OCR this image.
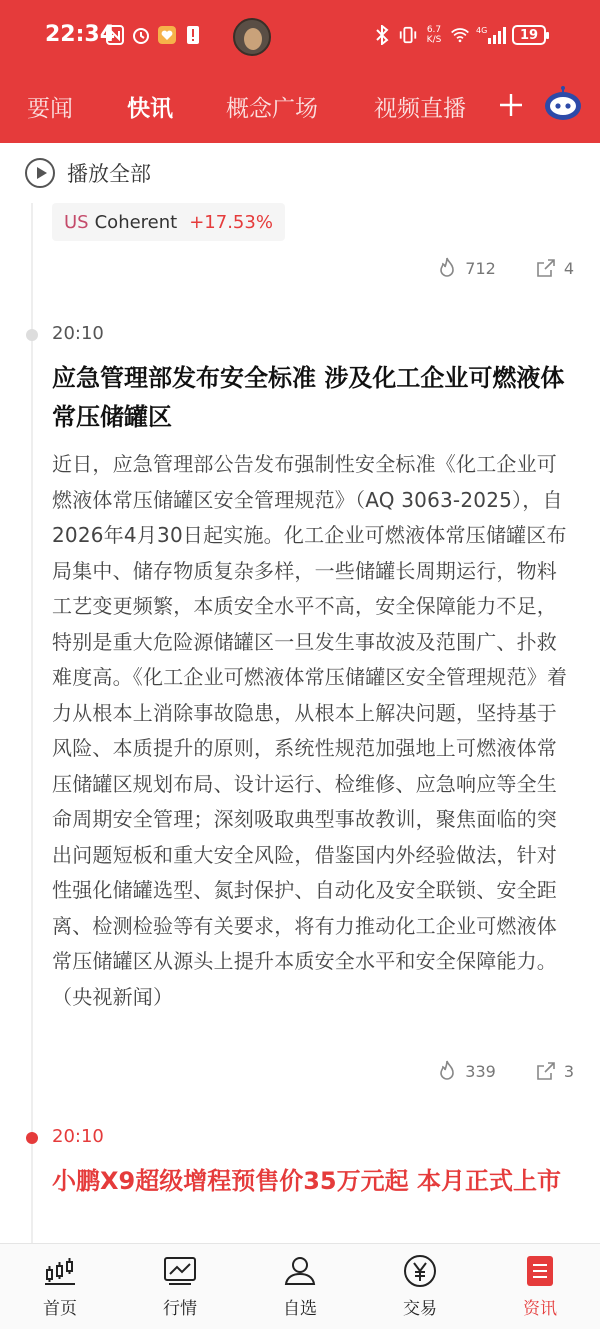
22:34	6.7 K/S
4G	19
要闻 快讯 概念广场 视频直播
播放全部
US Coherent +17.53%
712	4
20:10
应急管理部发布安全标准 涉及化工企业可燃液体常压储罐区
近日，应急管理部公告发布强制性安全标准《化工企业可燃液体常压储罐区安全管理规范》（AQ 3063-2025），自2026年4月30日起实施。化工企业可燃液体常压储罐区布局集中、储存物质复杂多样，一些储罐长周期运行，物料工艺变更频繁，本质安全水平不高，安全保障能力不足，特别是重大危险源储罐区一旦发生事故波及范围广、扑救难度高。《化工企业可燃液体常压储罐区安全管理规范》着力从根本上消除事故隐患，从根本上解决问题，坚持基于风险、本质提升的原则，系统性规范加强地上可燃液体常压储罐区规划布局、设计运行、检维修、应急响应等全生命周期安全管理；深刻吸取典型事故教训，聚焦面临的突出问题短板和重大安全风险，借鉴国内外经验做法，针对性强化储罐选型、氮封保护、自动化及安全联锁、安全距离、检测检验等有关要求，将有力推动化工企业可燃液体常压储罐区从源头上提升本质安全水平和安全保障能力。（央视新闻）
339	3
20:10
小鹏X9超级增程预售价35万元起 本月正式上市
首页	行情	自选	交易	资讯
